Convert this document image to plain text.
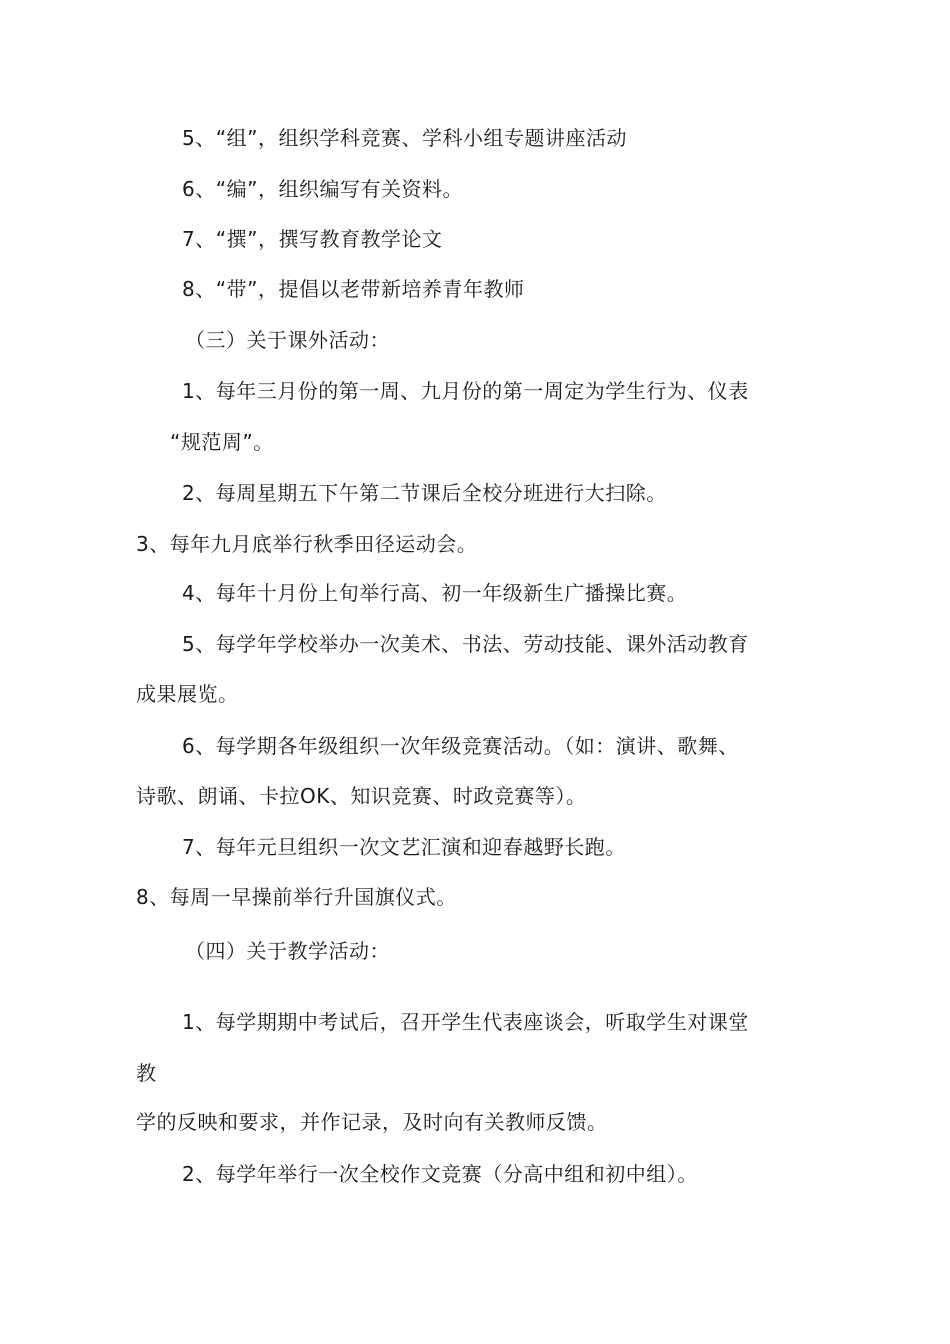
5、“组”，组织学科竞赛、学科小组专题讲座活动
6、“编”，组织编写有关资料。
7、“撰”，撰写教育教学论文
8、“带”，提倡以老带新培养青年教师
（三）关于课外活动：
1、每年三月份的第一周、九月份的第一周定为学生行为、仪表
“规范周”。
2、每周星期五下午第二节课后全校分班进行大扫除。
3、每年九月底举行秋季田径运动会。
4、每年十月份上旬举行高、初一年级新生广播操比赛。
5、每学年学校举办一次美术、书法、劳动技能、课外活动教育
成果展览。
6、每学期各年级组织一次年级竞赛活动。（如：演讲、歌舞、
诗歌、朗诵、卡拉OK、知识竞赛、时政竞赛等）。
7、每年元旦组织一次文艺汇演和迎春越野长跑。
8、每周一早操前举行升国旗仪式。
（四）关于教学活动：
1、每学期期中考试后，召开学生代表座谈会，听取学生对课堂
教
学的反映和要求，并作记录，及时向有关教师反馈。
2、每学年举行一次全校作文竞赛（分高中组和初中组）。
